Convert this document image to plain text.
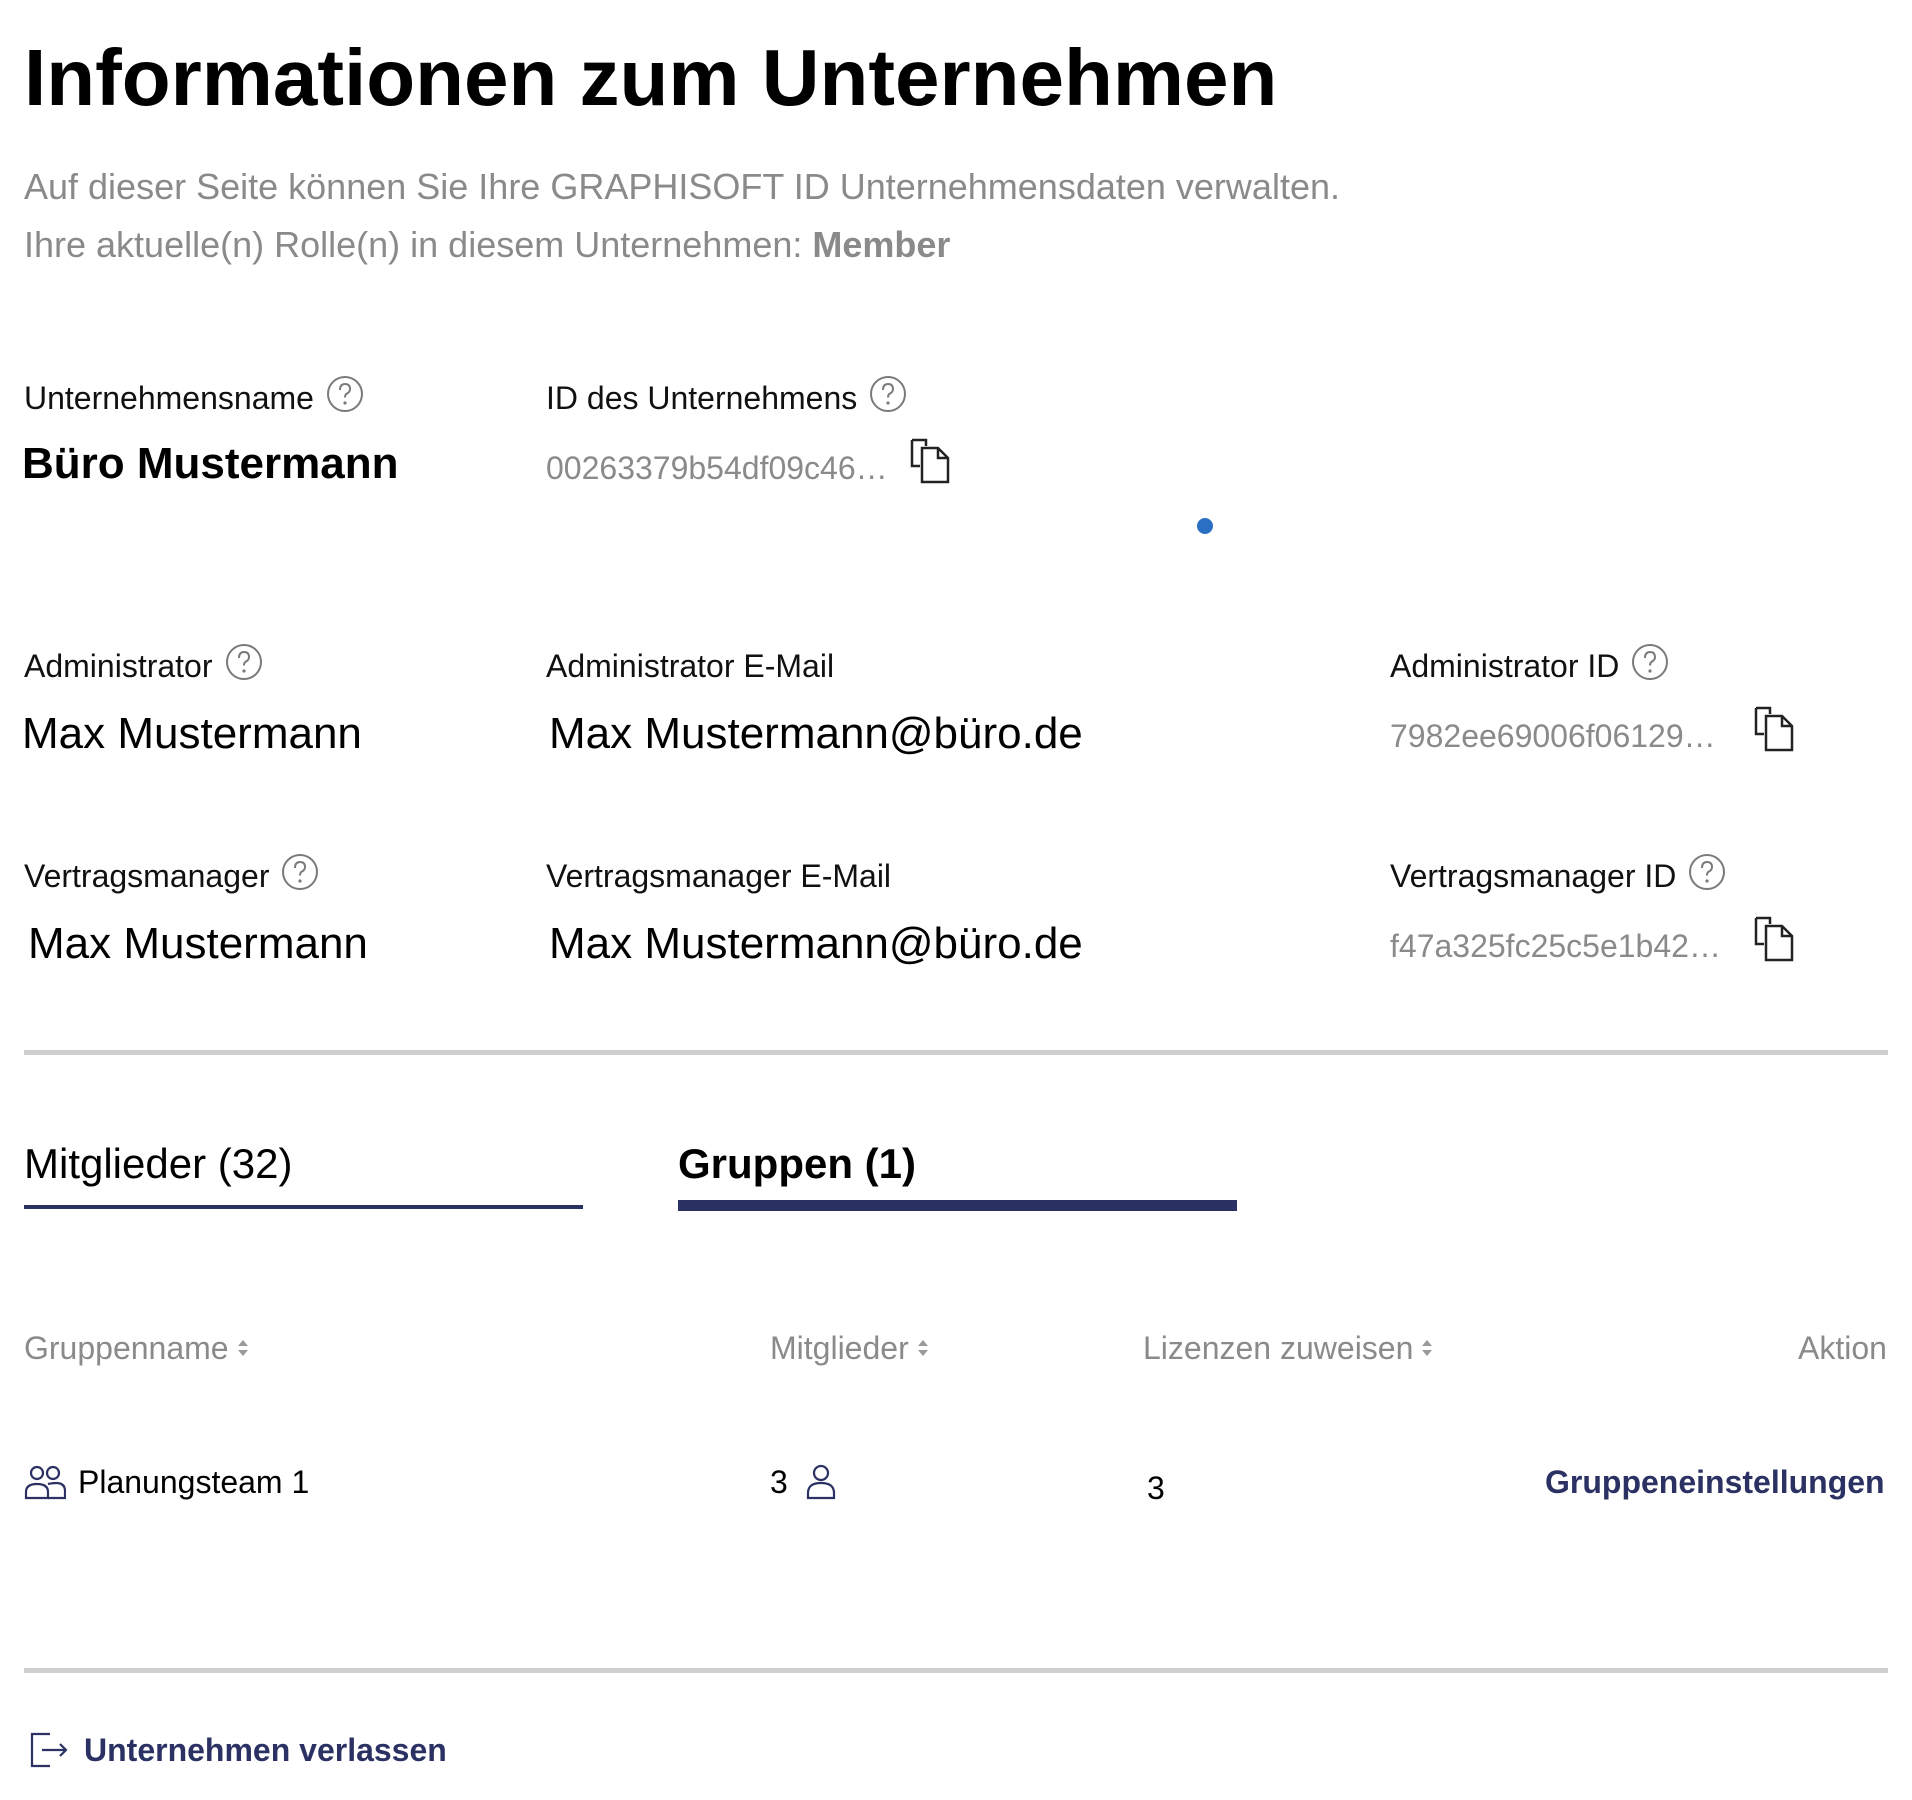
Informationen zum Unternehmen
Auf dieser Seite können Sie Ihre GRAPHISOFT ID Unternehmensdaten verwalten.
Ihre aktuelle(n) Rolle(n) in diesem Unternehmen: Member
Unternehmensname
Büro Mustermann
ID des Unternehmens
00263379b54df09c46…
Administrator
Max Mustermann
Administrator E-Mail
Max Mustermann@büro.de
Administrator ID
7982ee69006f06129…
Vertragsmanager
Max Mustermann
Vertragsmanager E-Mail
Max Mustermann@büro.de
Vertragsmanager ID
f47a325fc25c5e1b42…
Mitglieder (32)	Gruppen (1)
Gruppenname	Mitglieder	Lizenzen zuweisen	Aktion
Planungsteam 1	3	3	Gruppeneinstellungen
Unternehmen verlassen
